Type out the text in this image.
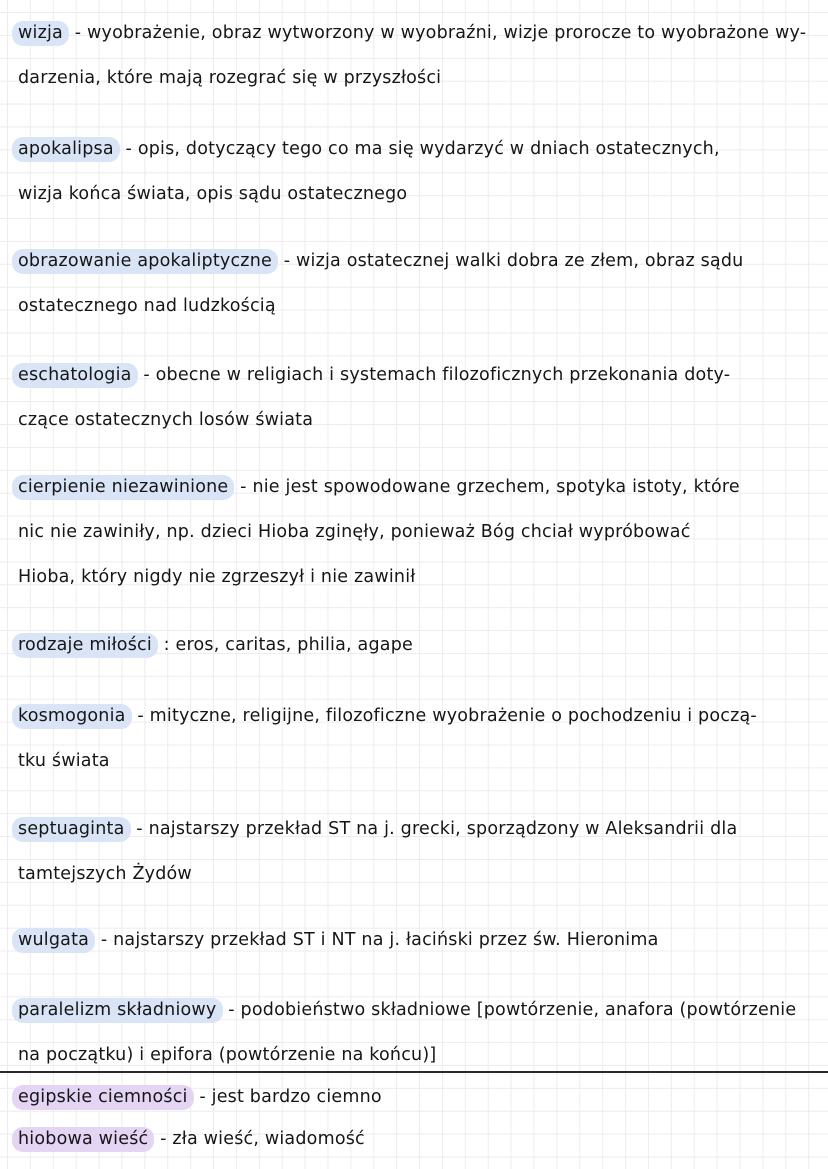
wizja - wyobrażenie, obraz wytworzony w wyobraźni, wizje prorocze to wyobrażone wy-
darzenia, które mają rozegrać się w przyszłości
apokalipsa - opis, dotyczący tego co ma się wydarzyć w dniach ostatecznych,
wizja końca świata, opis sądu ostatecznego
obrazowanie apokaliptyczne - wizja ostatecznej walki dobra ze złem, obraz sądu
ostatecznego nad ludzkością
eschatologia - obecne w religiach i systemach filozoficznych przekonania doty-
czące ostatecznych losów świata
cierpienie niezawinione - nie jest spowodowane grzechem, spotyka istoty, które
nic nie zawiniły, np. dzieci Hioba zginęły, ponieważ Bóg chciał wypróbować
Hioba, który nigdy nie zgrzeszył i nie zawinił
rodzaje miłości : eros, caritas, philia, agape
kosmogonia - mityczne, religijne, filozoficzne wyobrażenie o pochodzeniu i począ-
tku świata
septuaginta - najstarszy przekład ST na j. grecki, sporządzony w Aleksandrii dla
tamtejszych Żydów
wulgata - najstarszy przekład ST i NT na j. łaciński przez św. Hieronima
paralelizm składniowy - podobieństwo składniowe [powtórzenie, anafora (powtórzenie
na początku) i epifora (powtórzenie na końcu)]
egipskie ciemności - jest bardzo ciemno
hiobowa wieść - zła wieść, wiadomość
